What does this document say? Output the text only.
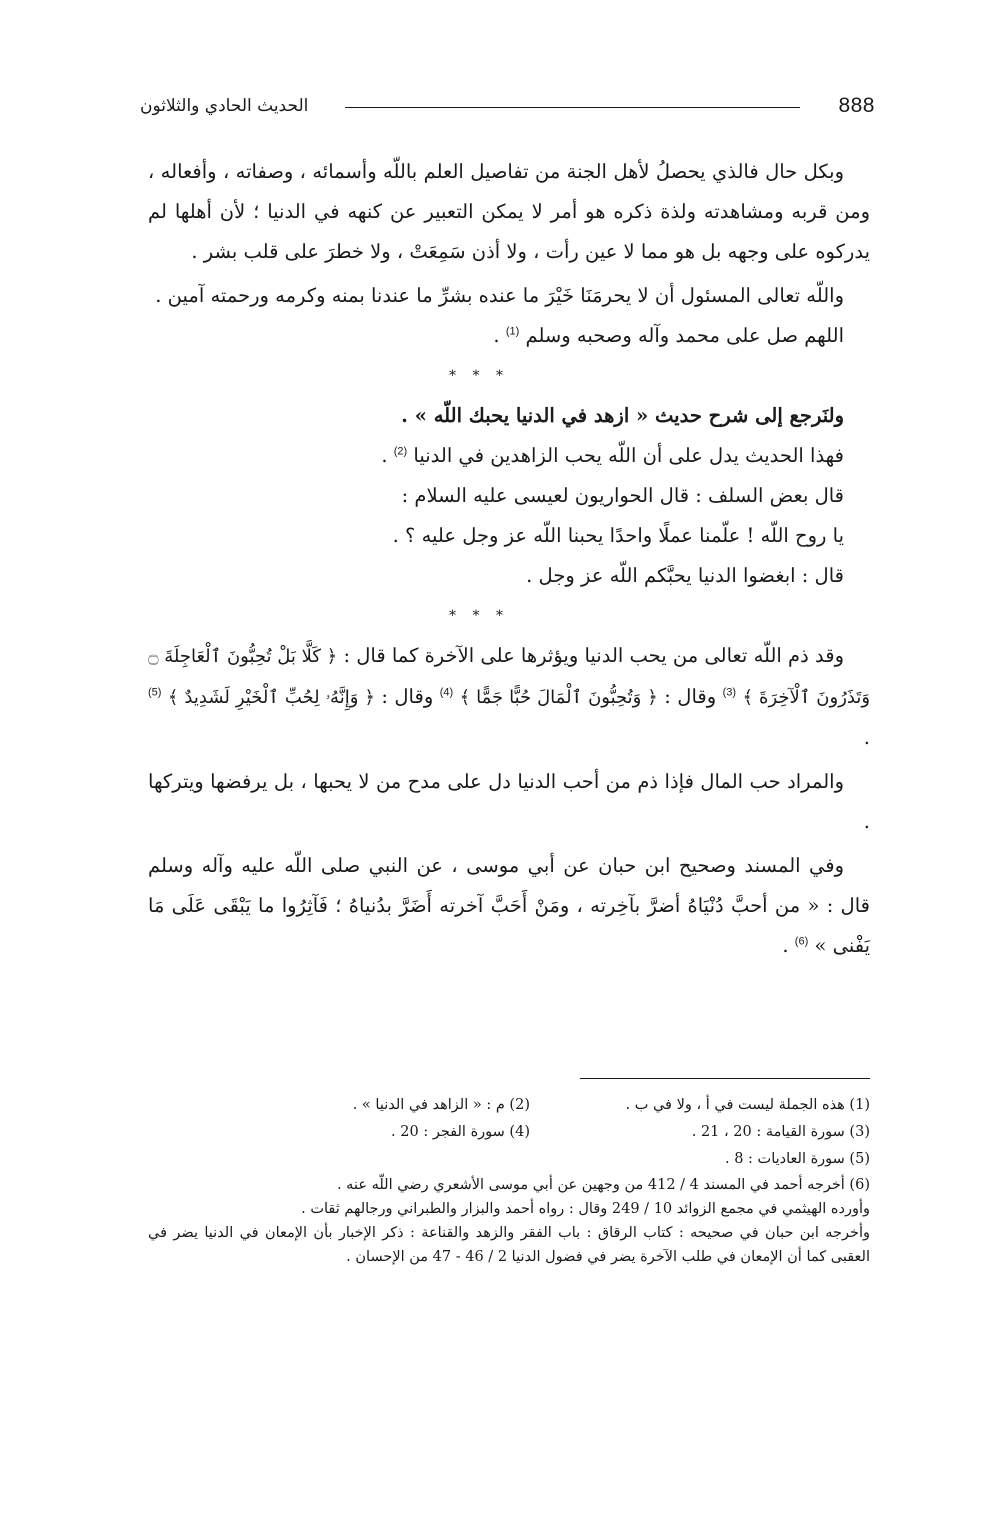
الحديث الحادي والثلاثون	888

وبكل حال فالذي يحصلُ لأهل الجنة من تفاصيل العلم باللّه وأسمائه ، وصفاته ، وأفعاله ، ومن قربه ومشاهدته ولذة ذكره هو أمر لا يمكن التعبير عن كنهه في الدنيا ؛ لأن أهلها لم يدركوه على وجهه بل هو مما لا عين رأت ، ولا أذن سَمِعَتْ ، ولا خطرَ على قلب بشر .

واللّه تعالى المسئول أن لا يحرمَنَا خَيْرَ ما عنده بشرِّ ما عندنا بمنه وكرمه ورحمته آمين .

اللهم صل على محمد وآله وصحبه وسلم $^{(1)}$ .

* * *

ولنَرجع إلى شرح حديث « ازهد في الدنيا يحبك اللّه » .

فهذا الحديث يدل على أن اللّه يحب الزاهدين في الدنيا $^{(2)}$ .

قال بعض السلف : قال الحواريون لعيسى عليه السلام :

يا روح اللّه ! علّمنا عملًا واحدًا يحبنا اللّه عز وجل عليه ؟ .

قال : ابغضوا الدنيا يحبَّكم اللّه عز وجل .

* * *

وقد ذم اللّه تعالى من يحب الدنيا ويؤثرها على الآخرة كما قال : ﴿ كَلَّا بَلْ تُحِبُّونَ ٱلْعَاجِلَةَ ۝ وَتَذَرُونَ ٱلْآخِرَةَ ﴾ $^{(3)}$ وقال : ﴿ وَتُحِبُّونَ ٱلْمَالَ حُبًّا جَمًّا ﴾ $^{(4)}$ وقال : ﴿ وَإِنَّهُۥ لِحُبِّ ٱلْخَيْرِ لَشَدِيدٌ ﴾ $^{(5)}$ .

والمراد حب المال فإذا ذم من أحب الدنيا دل على مدح من لا يحبها ، بل يرفضها ويتركها .

وفي المسند وصحيح ابن حبان عن أبي موسى ، عن النبي صلى اللّه عليه وآله وسلم قال : « من أحبَّ دُنْيَاهُ أضرَّ بآخِرته ، ومَنْ أَحَبَّ آخرته أَضَرَّ بدُنياهُ ؛ فَآثِرُوا ما يَبْقَى عَلَى مَا يَفْنى » $^{(6)}$ .

(1) هذه الجملة ليست في أ ، ولا في ب .
(2) م : « الزاهد في الدنيا » .
(3) سورة القيامة : 20 ، 21 .
(4) سورة الفجر : 20 .
(5) سورة العاديات : 8 .
(6) أخرجه أحمد في المسند 4 / 412 من وجهين عن أبي موسى الأشعري رضي اللّه عنه .
وأورده الهيثمي في مجمع الزوائد 10 / 249 وقال : رواه أحمد والبزار والطبراني ورجالهم ثقات .
وأخرجه ابن حبان في صحيحه : كتاب الرقاق : باب الفقر والزهد والقناعة : ذكر الإخبار بأن الإمعان في الدنيا يضر في العقبى كما أن الإمعان في طلب الآخرة يضر في فضول الدنيا 2 / 46 - 47 من الإحسان .
